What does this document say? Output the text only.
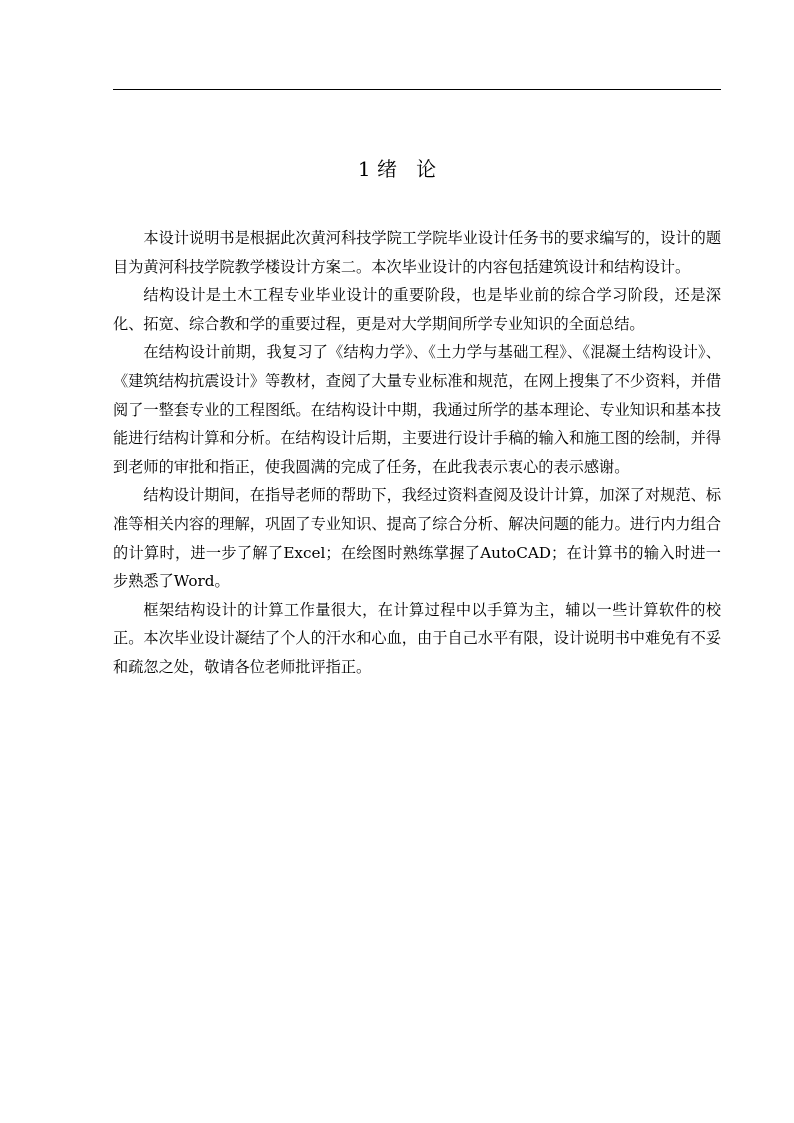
1 绪   论

本设计说明书是根据此次黄河科技学院工学院毕业设计任务书的要求编写的，设计的题目为黄河科技学院教学楼设计方案二。本次毕业设计的内容包括建筑设计和结构设计。

结构设计是土木工程专业毕业设计的重要阶段，也是毕业前的综合学习阶段，还是深化、拓宽、综合教和学的重要过程，更是对大学期间所学专业知识的全面总结。

在结构设计前期，我复习了《结构力学》、《土力学与基础工程》、《混凝土结构设计》、《建筑结构抗震设计》等教材，查阅了大量专业标准和规范，在网上搜集了不少资料，并借阅了一整套专业的工程图纸。在结构设计中期，我通过所学的基本理论、专业知识和基本技能进行结构计算和分析。在结构设计后期，主要进行设计手稿的输入和施工图的绘制，并得到老师的审批和指正，使我圆满的完成了任务，在此我表示衷心的表示感谢。

结构设计期间，在指导老师的帮助下，我经过资料查阅及设计计算，加深了对规范、标准等相关内容的理解，巩固了专业知识、提高了综合分析、解决问题的能力。进行内力组合的计算时，进一步了解了Excel；在绘图时熟练掌握了AutoCAD；在计算书的输入时进一步熟悉了Word。

框架结构设计的计算工作量很大，在计算过程中以手算为主，辅以一些计算软件的校正。本次毕业设计凝结了个人的汗水和心血，由于自己水平有限，设计说明书中难免有不妥和疏忽之处，敬请各位老师批评指正。
